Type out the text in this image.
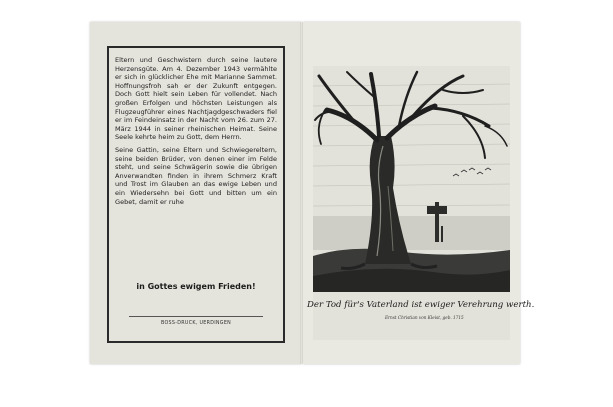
Eltern und Geschwistern durch seine lautere Herzensgüte. Am 4. Dezember 1943 vermählte er sich in glücklicher Ehe mit Marianne Sammet. Hoffnungsfroh sah er der Zukunft entgegen. Doch Gott hielt sein Leben für vollendet. Nach großen Erfolgen und höchsten Leistungen als Flugzeugführer eines Nachtjagdgeschwaders fiel er im Feindeinsatz in der Nacht vom 26. zum 27. März 1944 in seiner rheinischen Heimat. Seine Seele kehrte heim zu Gott, dem Herrn.

Seine Gattin, seine Eltern und Schwiegereltern, seine beiden Brüder, von denen einer im Felde steht, und seine Schwägerin sowie die übrigen Anverwandten finden in ihrem Schmerz Kraft und Trost im Glauben an das ewige Leben und ein Wiedersehn bei Gott und bitten um ein Gebet, damit er ruhe

in Gottes ewigem Frieden!
BOSS-DRUCK, UERDINGEN
Der Tod für's Vaterland ist ewiger Verehrung werth.
Ernst Christian von Kleist, geb. 1715
